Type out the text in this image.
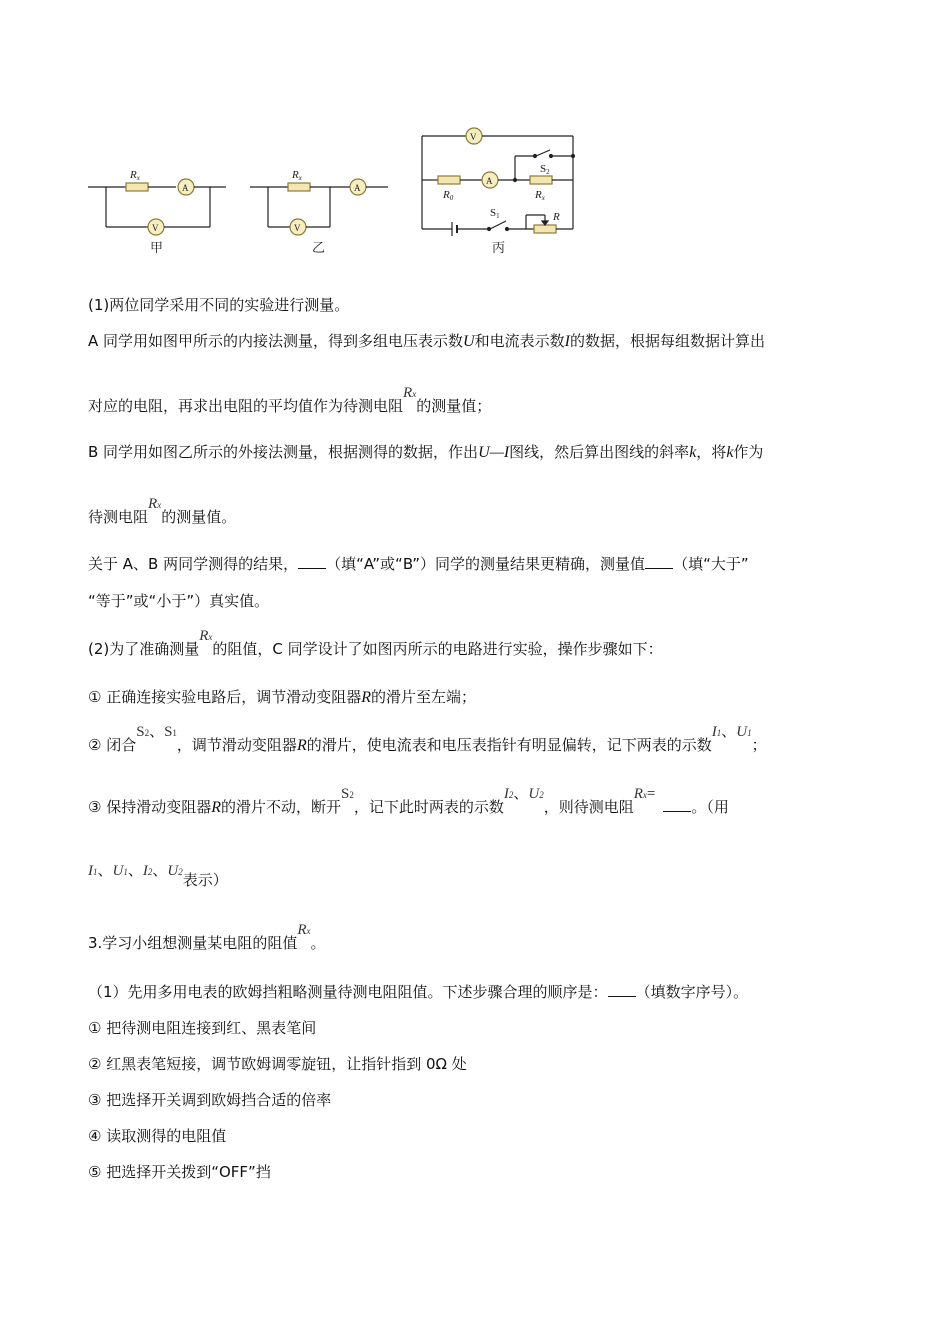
Rx
A
V
甲
Rx
A
V
乙
R0
A
V
Rx
S2
S1	R
丙
(1)两位同学采用不同的实验进行测量。
A 同学用如图甲所示的内接法测量，得到多组电压表示数U和电流表示数I的数据，根据每组数据计算出
对应的电阻，再求出电阻的平均值作为待测电阻Rx的测量值；
B 同学用如图乙所示的外接法测量，根据测得的数据，作出U—I图线，然后算出图线的斜率k，将k作为
待测电阻Rx的测量值。
关于 A、B 两同学测得的结果， （填“A”或“B”）同学的测量结果更精确，测量值 （填“大于”
“等于”或“小于”）真实值。
(2)为了准确测量Rx的阻值，C 同学设计了如图丙所示的电路进行实验，操作步骤如下：
① 正确连接实验电路后，调节滑动变阻器R的滑片至左端；
② 闭合S2、S1，调节滑动变阻器R的滑片，使电流表和电压表指针有明显偏转，记下两表的示数I1、U1；
③ 保持滑动变阻器R的滑片不动，断开S2，记下此时两表的示数I2、U2，则待测电阻Rx=。（用
I1、U1、I2、U2表示）
3.学习小组想测量某电阻的阻值Rx。
（1）先用多用电表的欧姆挡粗略测量待测电阻阻值。下述步骤合理的顺序是： （填数字序号）。
① 把待测电阻连接到红、黑表笔间
② 红黑表笔短接，调节欧姆调零旋钮，让指针指到 0Ω 处
③ 把选择开关调到欧姆挡合适的倍率
④ 读取测得的电阻值
⑤ 把选择开关拨到“OFF”挡
